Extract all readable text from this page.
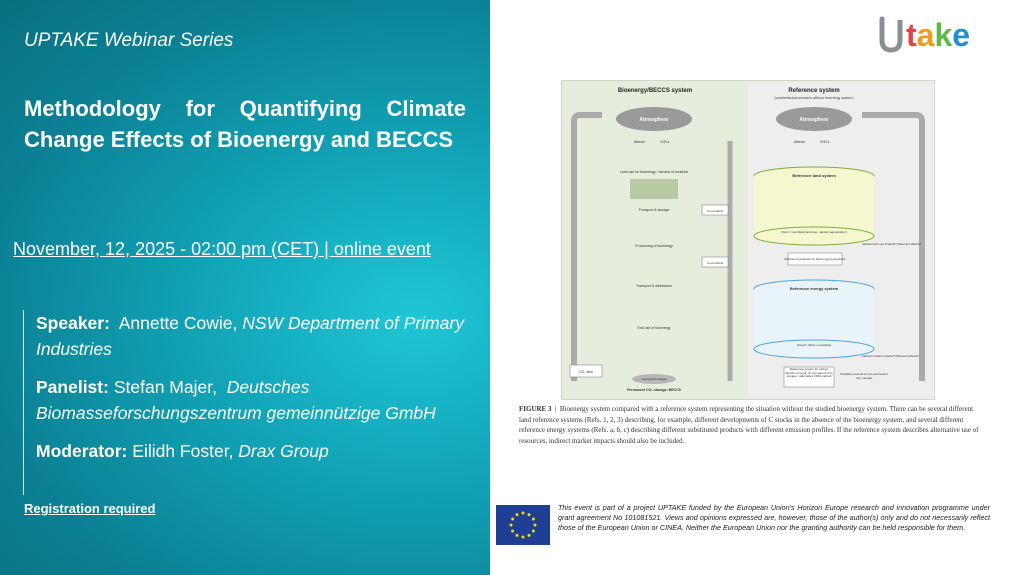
UPTAKE Webinar Series
Methodology for Quantifying Climate Change Effects of Bioenergy and BECCS
November, 12, 2025 - 02:00 pm (CET) | online event
Speaker: Annette Cowie, NSW Department of Primary Industries
Panelist: Stefan Majer, Deutsches Biomasseforschungszentrum gemeinnützige GmbH
Moderator: Eilidh Foster, Drax Group
Registration required
t a k e
Bioenergy/BECCS system	Reference system
(counterfactual scenario without bioenergy system)
Atmosphere	Atmosphere
Albedo	VOCs	Albedo	VOCs
Land use for bioenergy / harvest of residues
Transport & storage	Co-products
Processing of bioenergy
Co-products
Transport & distribution
End use of bioenergy
Geological storage
Permanent CO₂ storage: BECCS
CO₂ flow
Reference land system
(Next / most likely land use, natural regeneration)
Indirect land use impacts? Rebound effects?
Reference products for bioenergy co-products
Reference energy system
(Fossil / Other renewable)
Indirect market impacts? Rebound effects?
Reference system for carbon dioxide removal: no permanent CO₂ storage / alternative CDR method
Possible reversal of non-permanent CO₂ storage
FIGURE 3  |  Bioenergy system compared with a reference system representing the situation without the studied bioenergy system. There can be several different land reference systems (Refs. 1, 2, 3) describing, for example, different developments of C stocks in the absence of the bioenergy system, and several different reference energy systems (Refs. a, b, c) describing different substituted products with different emission profiles. If the reference system describes alternative use of resources, indirect market impacts should also be included.
This event is part of a project UPTAKE funded by the European Union's Horizon Europe research and innovation programme under grant agreement No 101081521. Views and opinions expressed are, however, those of the author(s) only and do not necessarily reflect those of the European Union or CINEA. Neither the European Union nor the granting authority can be held responsible for them.
